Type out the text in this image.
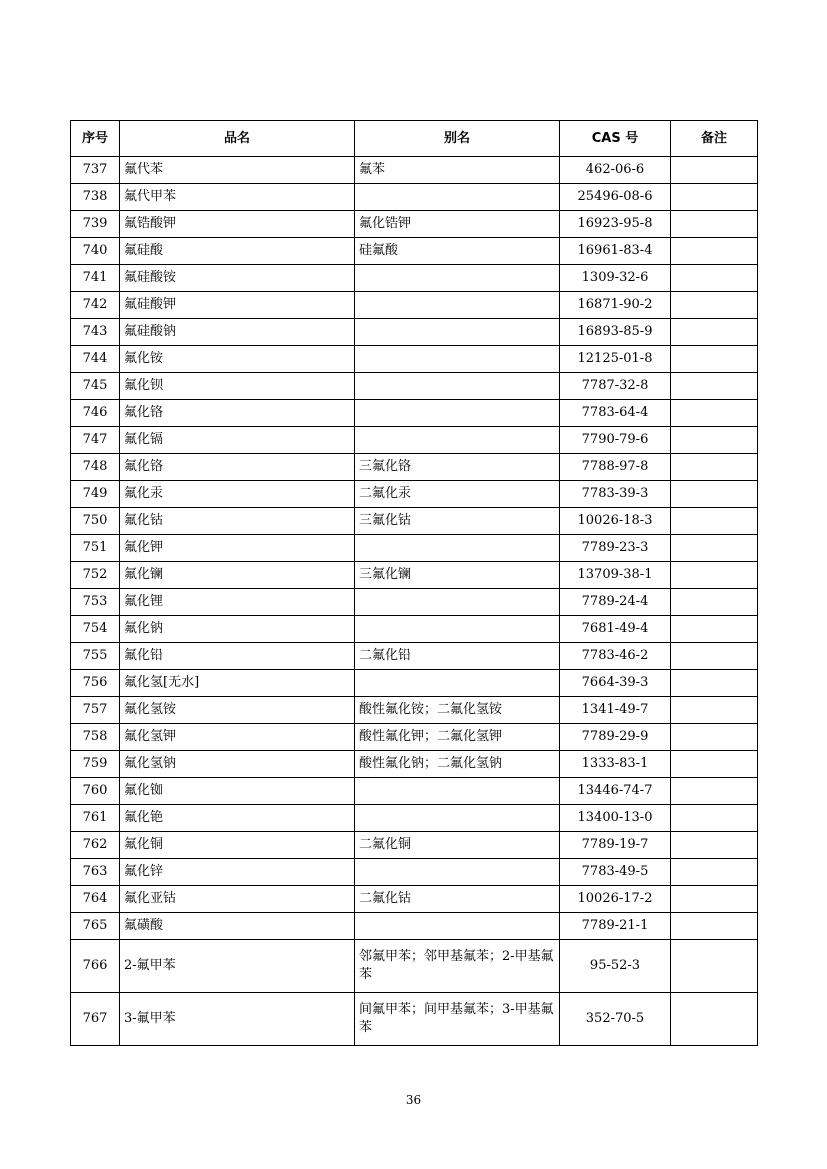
序号	品名	别名	CAS 号	备注
737	氟代苯	氟苯	462-06-6	
738	氟代甲苯		25496-08-6	
739	氟锆酸钾	氟化锆钾	16923-95-8	
740	氟硅酸	硅氟酸	16961-83-4	
741	氟硅酸铵		1309-32-6	
742	氟硅酸钾		16871-90-2	
743	氟硅酸钠		16893-85-9	
744	氟化铵		12125-01-8	
745	氟化钡		7787-32-8	
746	氟化铬		7783-64-4	
747	氟化镉		7790-79-6	
748	氟化铬	三氟化铬	7788-97-8	
749	氟化汞	二氟化汞	7783-39-3	
750	氟化钴	三氟化钴	10026-18-3	
751	氟化钾		7789-23-3	
752	氟化镧	三氟化镧	13709-38-1	
753	氟化锂		7789-24-4	
754	氟化钠		7681-49-4	
755	氟化铅	二氟化铅	7783-46-2	
756	氟化氢[无水]		7664-39-3	
757	氟化氢铵	酸性氟化铵；二氟化氢铵	1341-49-7	
758	氟化氢钾	酸性氟化钾；二氟化氢钾	7789-29-9	
759	氟化氢钠	酸性氟化钠；二氟化氢钠	1333-83-1	
760	氟化铷		13446-74-7	
761	氟化铯		13400-13-0	
762	氟化铜	二氟化铜	7789-19-7	
763	氟化锌		7783-49-5	
764	氟化亚钴	二氟化钴	10026-17-2	
765	氟磺酸		7789-21-1	
766	2-氟甲苯	邻氟甲苯；邻甲基氟苯；2-甲基氟苯	95-52-3	
767	3-氟甲苯	间氟甲苯；间甲基氟苯；3-甲基氟苯	352-70-5	
36
